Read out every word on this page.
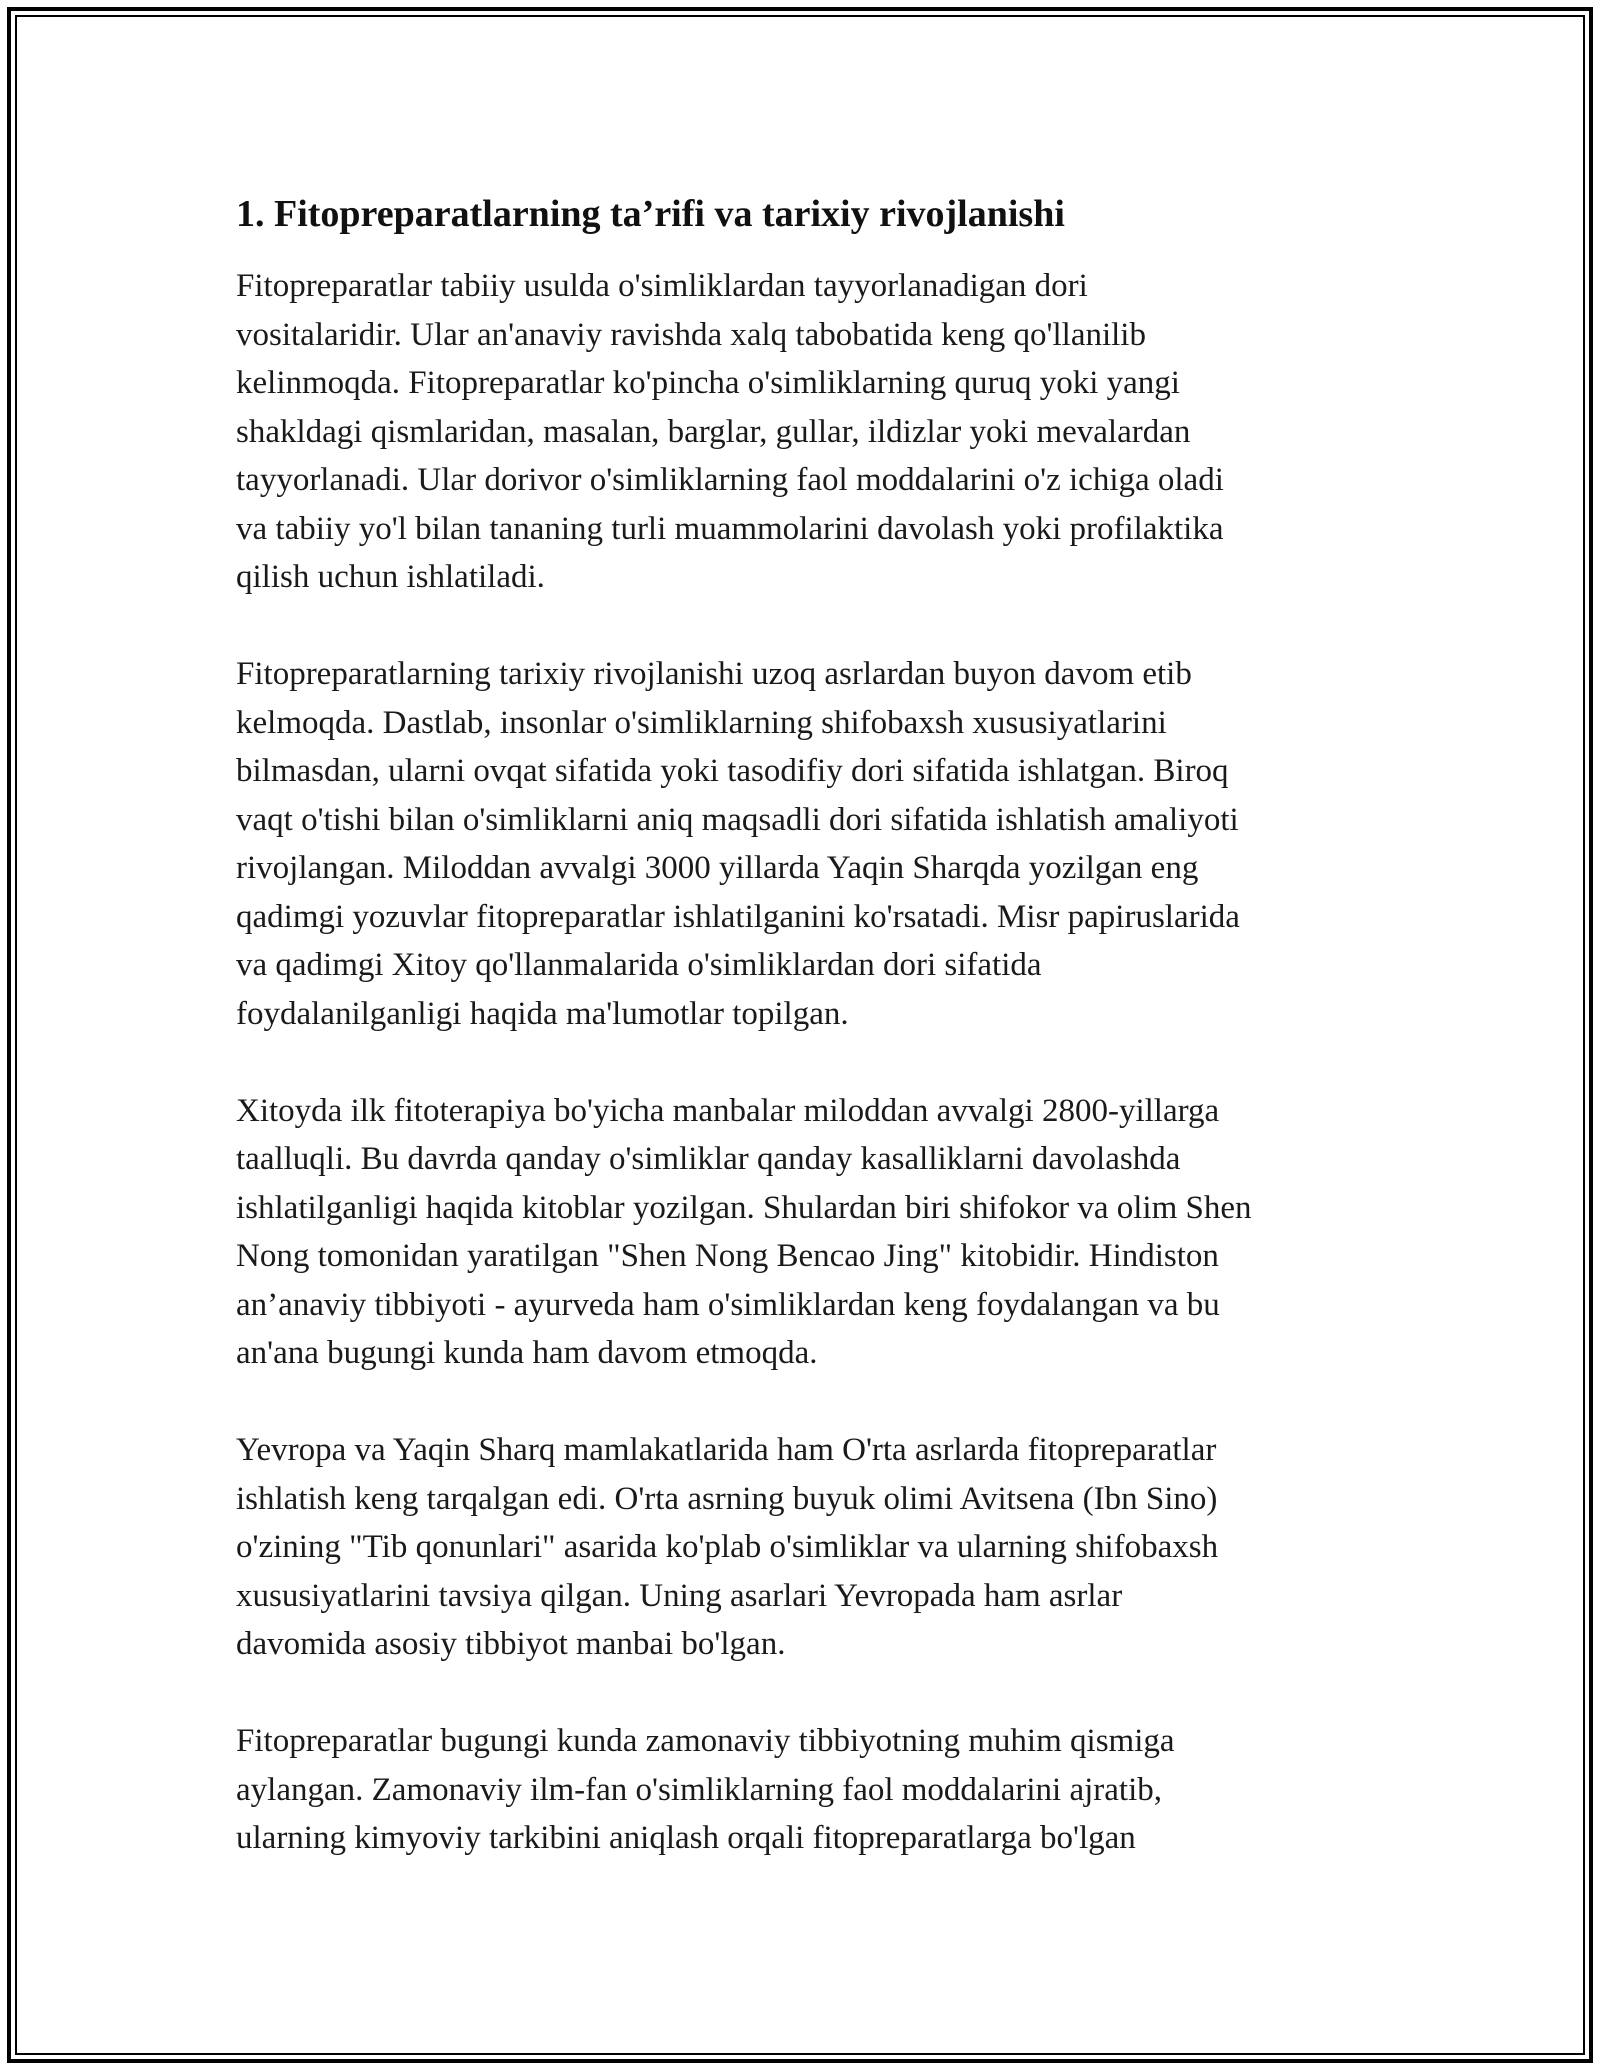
1. Fitopreparatlarning ta’rifi va tarixiy rivojlanishi

Fitopreparatlar tabiiy usulda o'simliklardan tayyorlanadigan dori
vositalaridir. Ular an'anaviy ravishda xalq tabobatida keng qo'llanilib
kelinmoqda. Fitopreparatlar ko'pincha o'simliklarning quruq yoki yangi
shakldagi qismlaridan, masalan, barglar, gullar, ildizlar yoki mevalardan
tayyorlanadi. Ular dorivor o'simliklarning faol moddalarini o'z ichiga oladi
va tabiiy yo'l bilan tananing turli muammolarini davolash yoki profilaktika
qilish uchun ishlatiladi.

Fitopreparatlarning tarixiy rivojlanishi uzoq asrlardan buyon davom etib
kelmoqda. Dastlab, insonlar o'simliklarning shifobaxsh xususiyatlarini
bilmasdan, ularni ovqat sifatida yoki tasodifiy dori sifatida ishlatgan. Biroq
vaqt o'tishi bilan o'simliklarni aniq maqsadli dori sifatida ishlatish amaliyoti
rivojlangan. Miloddan avvalgi 3000 yillarda Yaqin Sharqda yozilgan eng
qadimgi yozuvlar fitopreparatlar ishlatilganini ko'rsatadi. Misr papiruslarida
va qadimgi Xitoy qo'llanmalarida o'simliklardan dori sifatida
foydalanilganligi haqida ma'lumotlar topilgan.

Xitoyda ilk fitoterapiya bo'yicha manbalar miloddan avvalgi 2800-yillarga
taalluqli. Bu davrda qanday o'simliklar qanday kasalliklarni davolashda
ishlatilganligi haqida kitoblar yozilgan. Shulardan biri shifokor va olim Shen
Nong tomonidan yaratilgan "Shen Nong Bencao Jing" kitobidir. Hindiston
an’anaviy tibbiyoti - ayurveda ham o'simliklardan keng foydalangan va bu
an'ana bugungi kunda ham davom etmoqda.

Yevropa va Yaqin Sharq mamlakatlarida ham O'rta asrlarda fitopreparatlar
ishlatish keng tarqalgan edi. O'rta asrning buyuk olimi Avitsena (Ibn Sino)
o'zining "Tib qonunlari" asarida ko'plab o'simliklar va ularning shifobaxsh
xususiyatlarini tavsiya qilgan. Uning asarlari Yevropada ham asrlar
davomida asosiy tibbiyot manbai bo'lgan.

Fitopreparatlar bugungi kunda zamonaviy tibbiyotning muhim qismiga
aylangan. Zamonaviy ilm-fan o'simliklarning faol moddalarini ajratib,
ularning kimyoviy tarkibini aniqlash orqali fitopreparatlarga bo'lgan
